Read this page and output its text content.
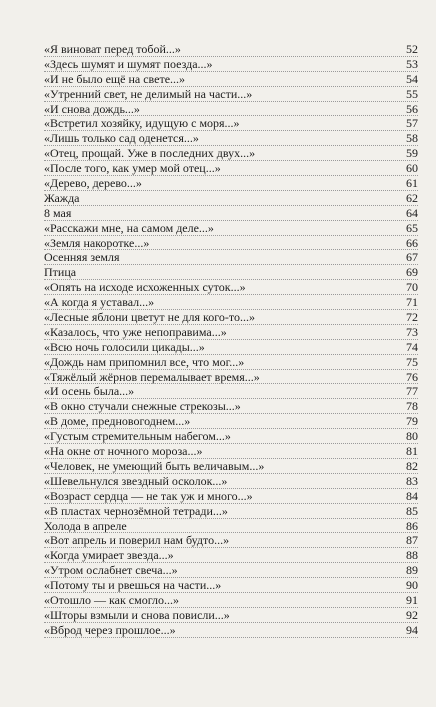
«Я виноват перед тобой...»	52
«Здесь шумят и шумят поезда...»	53
«И не было ещё на свете...»	54
«Утренний свет, не делимый на части...»	55
«И снова дождь...»	56
«Встретил хозяйку, идущую с моря...»	57
«Лишь только сад оденется...»	58
«Отец, прощай. Уже в последних двух...»	59
«После того, как умер мой отец...»	60
«Дерево, дерево...»	61
Жажда	62
8 мая	64
«Расскажи мне, на самом деле...»	65
«Земля накоротке...»	66
Осенняя земля	67
Птица	69
«Опять на исходе исхоженных суток...»	70
«А когда я уставал...»	71
«Лесные яблони цветут не для кого-то...»	72
«Казалось, что уже непоправима...»	73
«Всю ночь голосили цикады...»	74
«Дождь нам припомнил все, что мог...»	75
«Тяжёлый жёрнов перемалывает время...»	76
«И осень была...»	77
«В окно стучали снежные стрекозы...»	78
«В доме, предновогоднем...»	79
«Густым стремительным набегом...»	80
«На окне от ночного мороза...»	81
«Человек, не умеющий быть величавым...»	82
«Шевельнулся звездный осколок...»	83
«Возраст сердца — не так уж и много...»	84
«В пластах чернозёмной тетради...»	85
Холода в апреле	86
«Вот апрель и поверил нам будто...»	87
«Когда умирает звезда...»	88
«Утром ослабнет свеча...»	89
«Потому ты и рвешься на части...»	90
«Отошло — как смогло...»	91
«Шторы взмыли и снова повисли...»	92
«Вброд через прошлое...»	94
